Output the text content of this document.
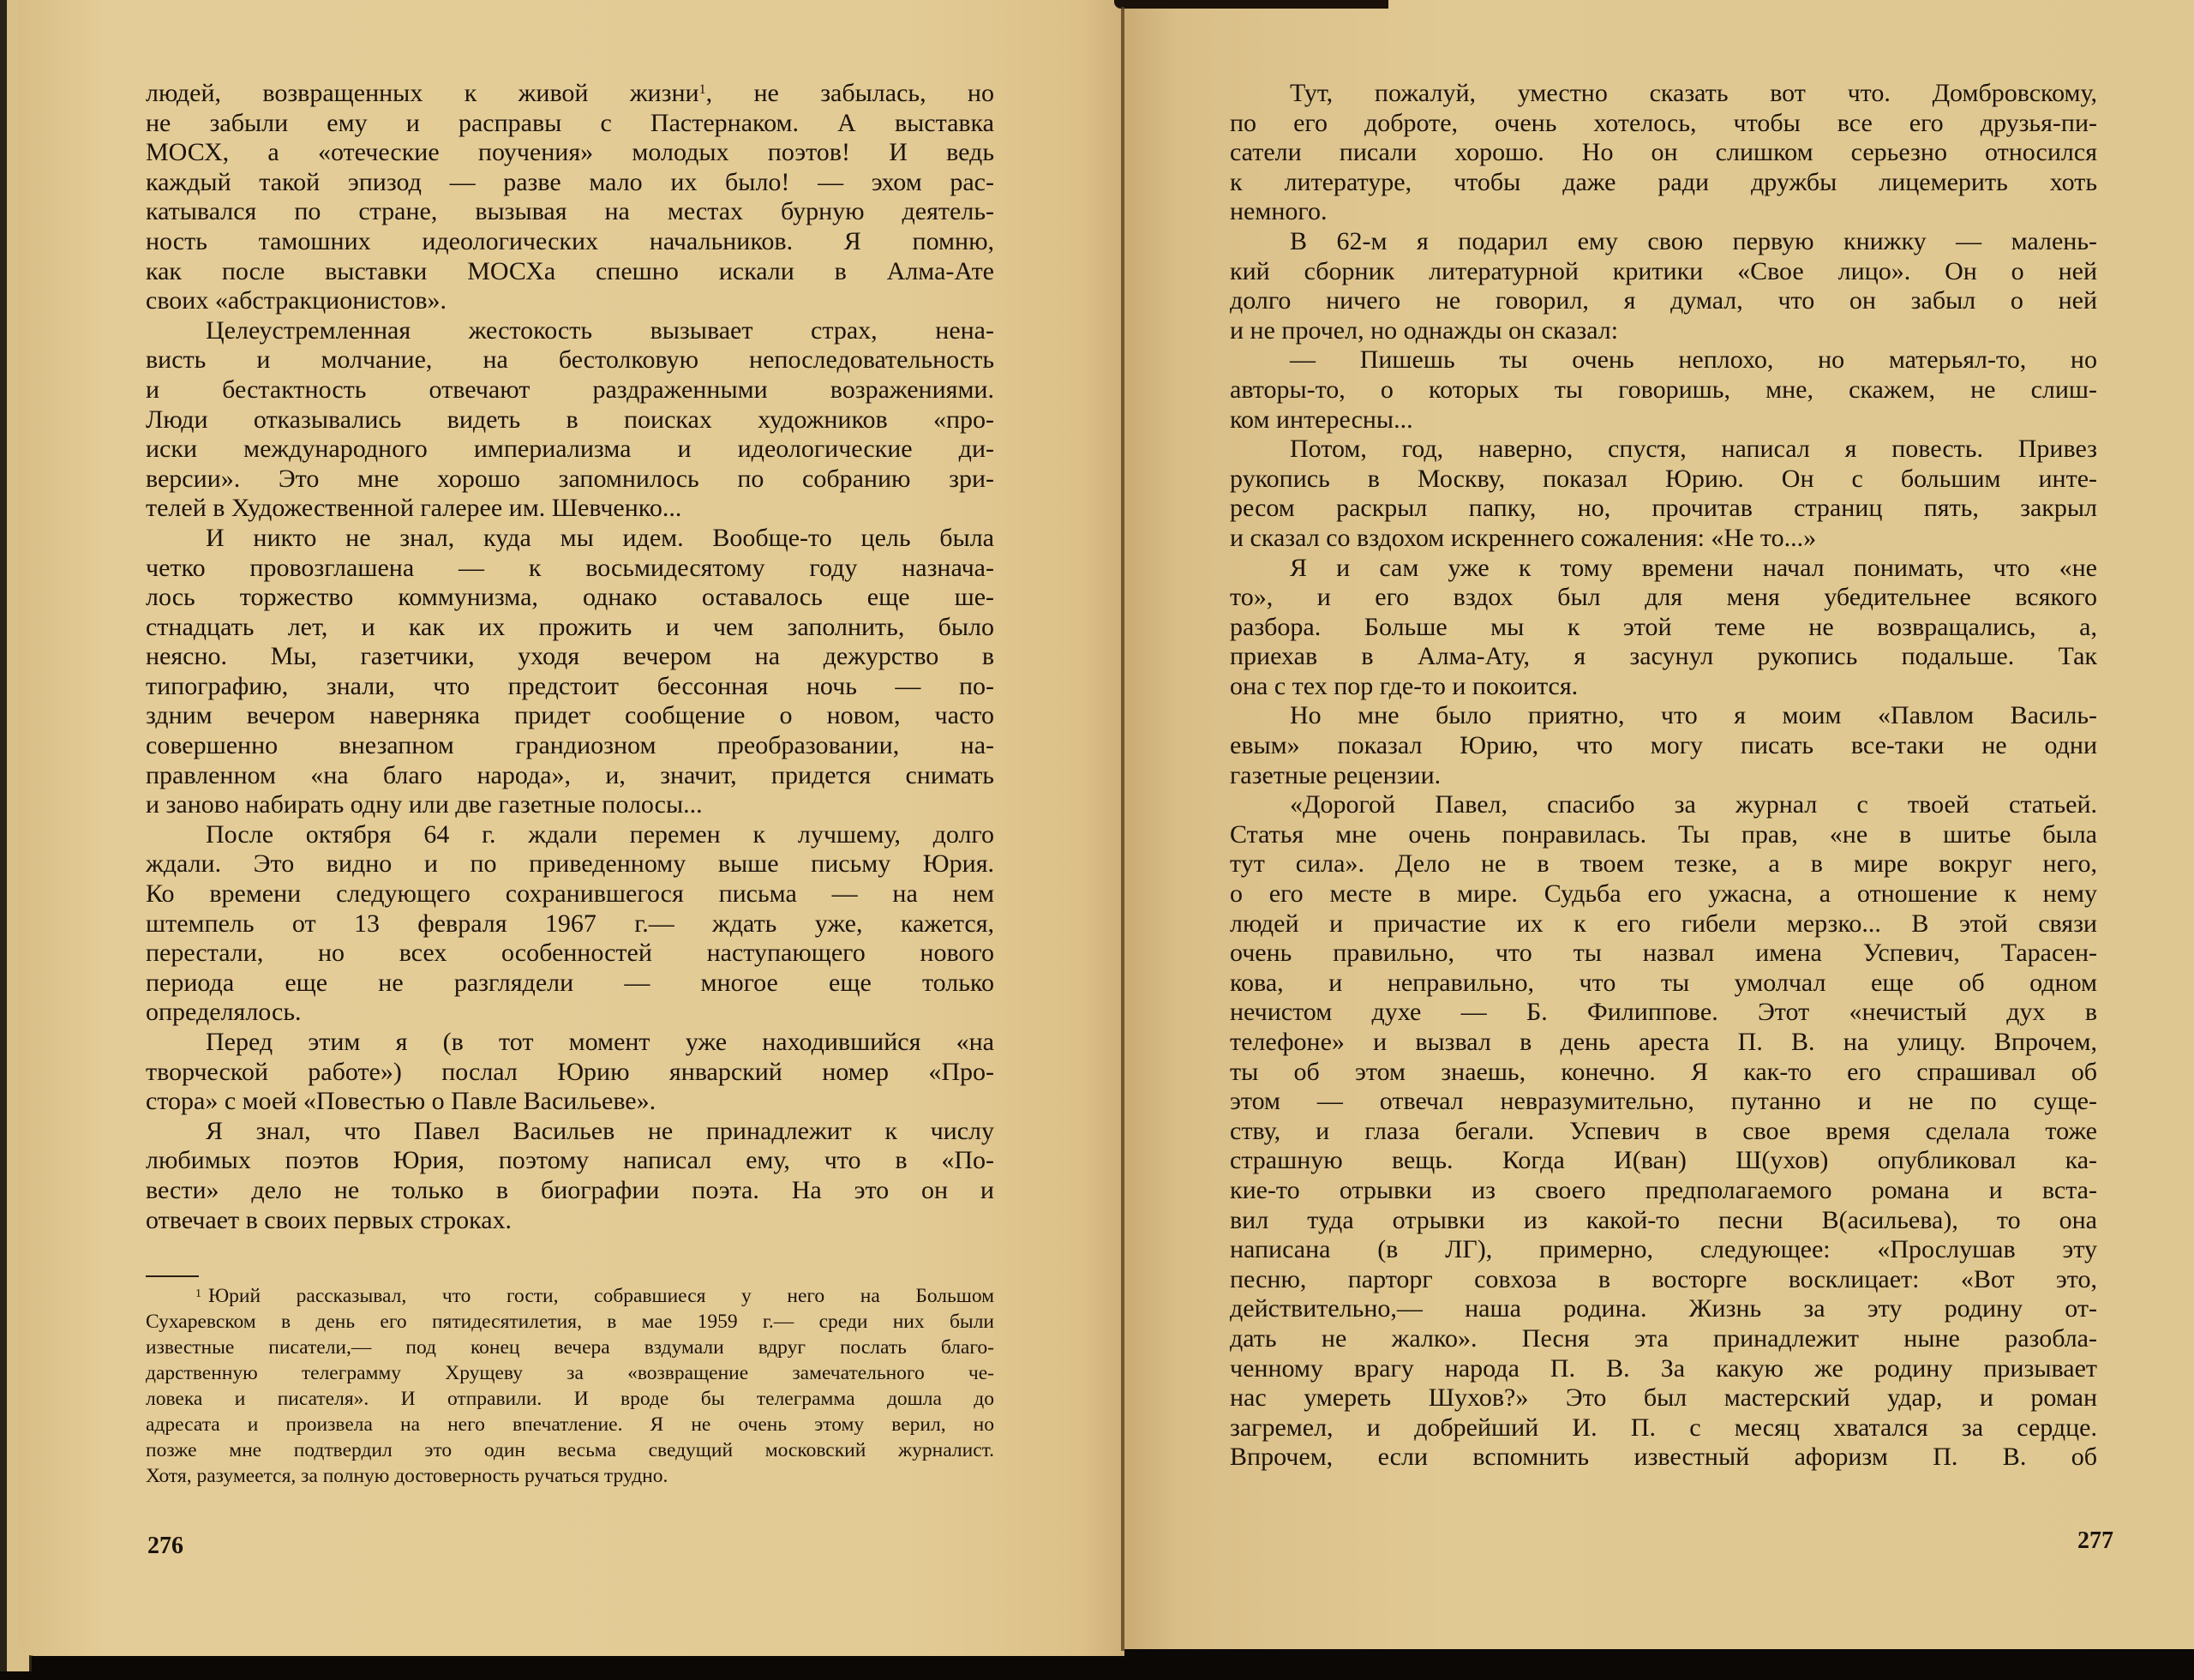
людей, возвращенных к живой жизни$^1$, не забылась, но
не забыли ему и расправы с Пастернаком. А выставка
МОСХ, а «отеческие поучения» молодых поэтов! И ведь
каждый такой эпизод — разве мало их было! — эхом рас-
катывался по стране, вызывая на местах бурную деятель-
ность тамошних идеологических начальников. Я помню,
как после выставки МОСХа спешно искали в Алма-Ате
своих «абстракционистов».
Целеустремленная жестокость вызывает страх, нена-
висть и молчание, на бестолковую непоследовательность
и бестактность отвечают раздраженными возражениями.
Люди отказывались видеть в поисках художников «про-
иски международного империализма и идеологические ди-
версии». Это мне хорошо запомнилось по собранию зри-
телей в Художественной галерее им. Шевченко...
И никто не знал, куда мы идем. Вообще-то цель была
четко провозглашена — к восьмидесятому году назнача-
лось торжество коммунизма, однако оставалось еще ше-
стнадцать лет, и как их прожить и чем заполнить, было
неясно. Мы, газетчики, уходя вечером на дежурство в
типографию, знали, что предстоит бессонная ночь — по-
здним вечером наверняка придет сообщение о новом, часто
совершенно внезапном грандиозном преобразовании, на-
правленном «на благо народа», и, значит, придется снимать
и заново набирать одну или две газетные полосы...
После октября 64 г. ждали перемен к лучшему, долго
ждали. Это видно и по приведенному выше письму Юрия.
Ко времени следующего сохранившегося письма — на нем
штемпель от 13 февраля 1967 г.— ждать уже, кажется,
перестали, но всех особенностей наступающего нового
периода еще не разглядели — многое еще только
определялось.
Перед этим я (в тот момент уже находившийся «на
творческой работе») послал Юрию январский номер «Про-
стора» с моей «Повестью о Павле Васильеве».
Я знал, что Павел Васильев не принадлежит к числу
любимых поэтов Юрия, поэтому написал ему, что в «По-
вести» дело не только в биографии поэта. На это он и
отвечает в своих первых строках.
$^1$ Юрий рассказывал, что гости, собравшиеся у него на Большом
Сухаревском в день его пятидесятилетия, в мае 1959 г.— среди них были
известные писатели,— под конец вечера вздумали вдруг послать благо-
дарственную телеграмму Хрущеву за «возвращение замечательного че-
ловека и писателя». И отправили. И вроде бы телеграмма дошла до
адресата и произвела на него впечатление. Я не очень этому верил, но
позже мне подтвердил это один весьма сведущий московский журналист.
Хотя, разумеется, за полную достоверность ручаться трудно.
276
Тут, пожалуй, уместно сказать вот что. Домбровскому,
по его доброте, очень хотелось, чтобы все его друзья-пи-
сатели писали хорошо. Но он слишком серьезно относился
к литературе, чтобы даже ради дружбы лицемерить хоть
немного.
В 62-м я подарил ему свою первую книжку — малень-
кий сборник литературной критики «Свое лицо». Он о ней
долго ничего не говорил, я думал, что он забыл о ней
и не прочел, но однажды он сказал:
— Пишешь ты очень неплохо, но матерьял-то, но
авторы-то, о которых ты говоришь, мне, скажем, не слиш-
ком интересны...
Потом, год, наверно, спустя, написал я повесть. Привез
рукопись в Москву, показал Юрию. Он с большим инте-
ресом раскрыл папку, но, прочитав страниц пять, закрыл
и сказал со вздохом искреннего сожаления: «Не то...»
Я и сам уже к тому времени начал понимать, что «не
то», и его вздох был для меня убедительнее всякого
разбора. Больше мы к этой теме не возвращались, а,
приехав в Алма-Ату, я засунул рукопись подальше. Так
она с тех пор где-то и покоится.
Но мне было приятно, что я моим «Павлом Василь-
евым» показал Юрию, что могу писать все-таки не одни
газетные рецензии.
«Дорогой Павел, спасибо за журнал с твоей статьей.
Статья мне очень понравилась. Ты прав, «не в шитье была
тут сила». Дело не в твоем тезке, а в мире вокруг него,
о его месте в мире. Судьба его ужасна, а отношение к нему
людей и причастие их к его гибели мерзко... В этой связи
очень правильно, что ты назвал имена Успевич, Тарасен-
кова, и неправильно, что ты умолчал еще об одном
нечистом духе — Б. Филиппове. Этот «нечистый дух в
телефоне» и вызвал в день ареста П. В. на улицу. Впрочем,
ты об этом знаешь, конечно. Я как-то его спрашивал об
этом — отвечал невразумительно, путанно и не по суще-
ству, и глаза бегали. Успевич в свое время сделала тоже
страшную вещь. Когда И(ван) Ш(ухов) опубликовал ка-
кие-то отрывки из своего предполагаемого романа и вста-
вил туда отрывки из какой-то песни В(асильева), то она
написана (в ЛГ), примерно, следующее: «Прослушав эту
песню, парторг совхоза в восторге восклицает: «Вот это,
действительно,— наша родина. Жизнь за эту родину от-
дать не жалко». Песня эта принадлежит ныне разобла-
ченному врагу народа П. В. За какую же родину призывает
нас умереть Шухов?» Это был мастерский удар, и роман
загремел, и добрейший И. П. с месяц хватался за сердце.
Впрочем, если вспомнить известный афоризм П. В. об
277
